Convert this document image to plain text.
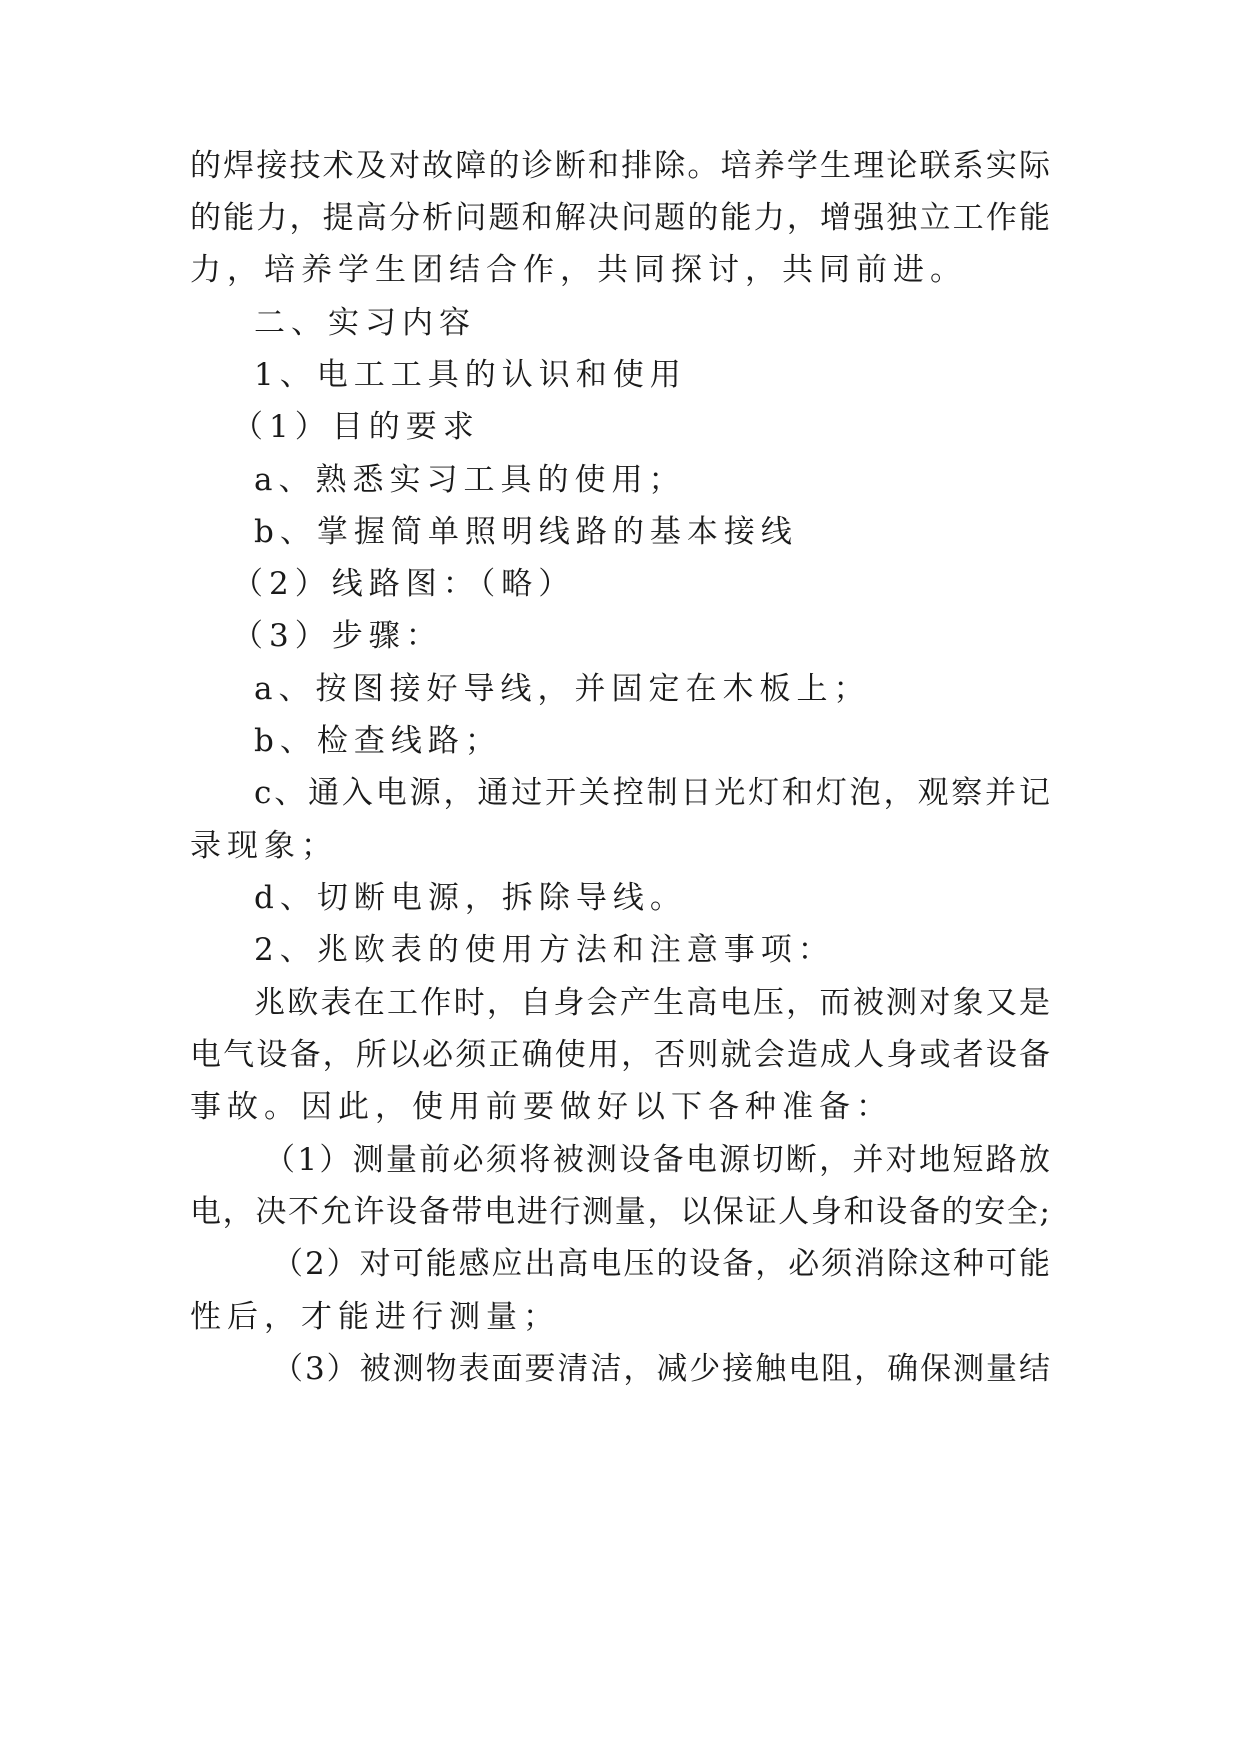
的焊接技术及对故障的诊断和排除。培养学生理论联系实际
的能力，提高分析问题和解决问题的能力，增强独立工作能
力，培养学生团结合作，共同探讨，共同前进。
二、实习内容
1、电工工具的认识和使用
（1）目的要求
a、熟悉实习工具的使用；
b、掌握简单照明线路的基本接线
（2）线路图：（略）
（3）步骤：
a、按图接好导线，并固定在木板上；
b、检查线路；
c、通入电源，通过开关控制日光灯和灯泡，观察并记
录现象；
d、切断电源，拆除导线。
2、兆欧表的使用方法和注意事项：
兆欧表在工作时，自身会产生高电压，而被测对象又是
电气设备，所以必须正确使用，否则就会造成人身或者设备
事故。因此，使用前要做好以下各种准备：
（1）测量前必须将被测设备电源切断，并对地短路放
电，决不允许设备带电进行测量，以保证人身和设备的安全;
（2）对可能感应出高电压的设备，必须消除这种可能
性后，才能进行测量；
（3）被测物表面要清洁，减少接触电阻，确保测量结
